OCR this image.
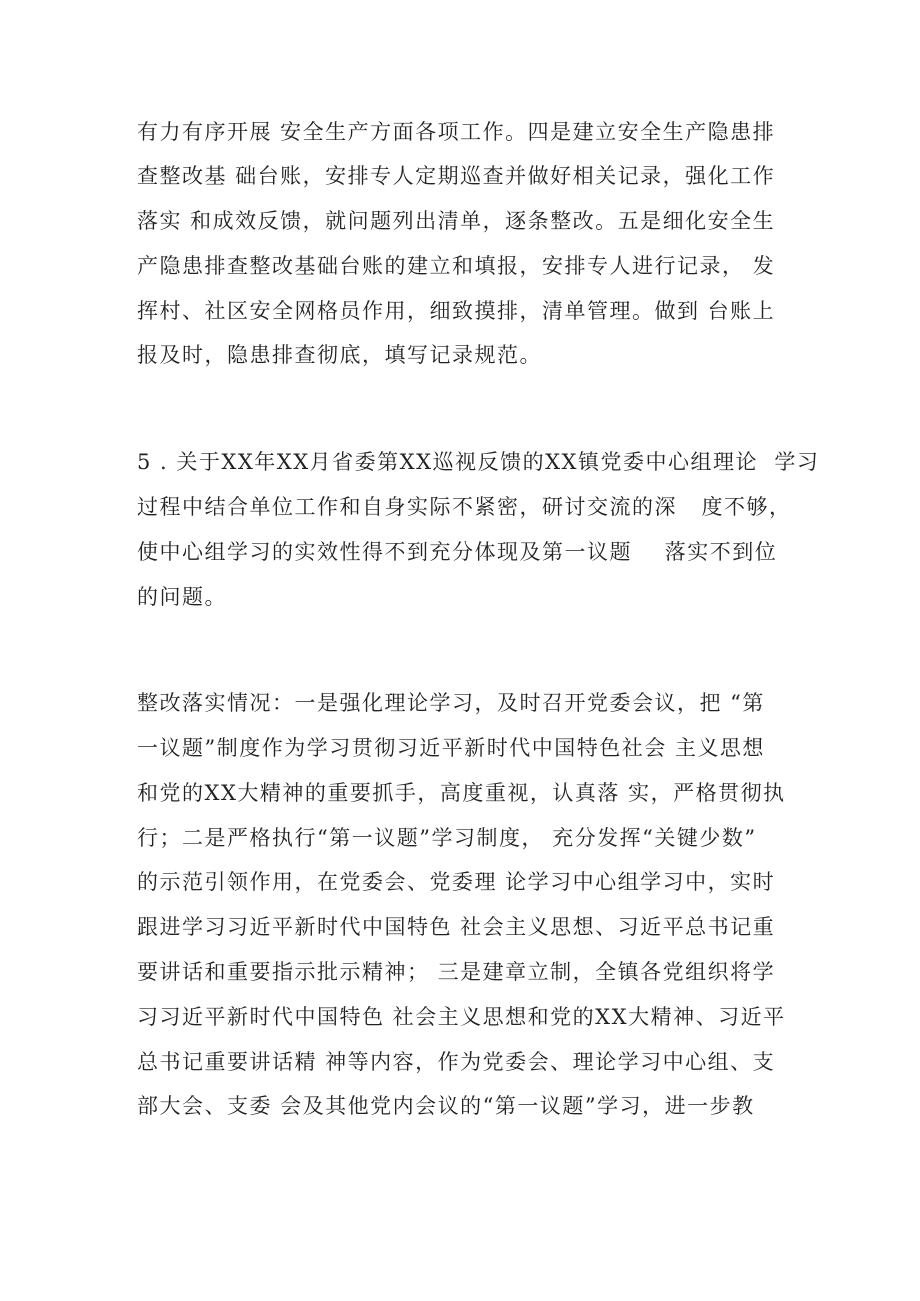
有力有序开展 安全生产方面各项工作。四是建立安全生产隐患排
查整改基 础台账，安排专人定期巡查并做好相关记录，强化工作
落实 和成效反馈，就问题列出清单，逐条整改。五是细化安全生
产隐患排查整改基础台账的建立和填报，安排专人进行记录， 发
挥村、社区安全网格员作用，细致摸排，清单管理。做到 台账上
报及时，隐患排查彻底，填写记录规范。
5 . 关于XX年XX月省委第XX巡视反馈的XX镇党委中心组理论  学习
过程中结合单位工作和自身实际不紧密，研讨交流的深   度不够，
使中心组学习的实效性得不到充分体现及第一议题    落实不到位
的问题。
整改落实情况：一是强化理论学习，及时召开党委会议，把 “第
一议题”制度作为学习贯彻习近平新时代中国特色社会 主义思想
和党的XX大精神的重要抓手，高度重视，认真落 实，严格贯彻执
行；二是严格执行“第一议题”学习制度， 充分发挥“关键少数”
的示范引领作用，在党委会、党委理 论学习中心组学习中，实时
跟进学习习近平新时代中国特色 社会主义思想、习近平总书记重
要讲话和重要指示批示精神； 三是建章立制，全镇各党组织将学
习习近平新时代中国特色 社会主义思想和党的XX大精神、习近平
总书记重要讲话精 神等内容，作为党委会、理论学习中心组、支
部大会、支委 会及其他党内会议的“第一议题”学习，进一步教
